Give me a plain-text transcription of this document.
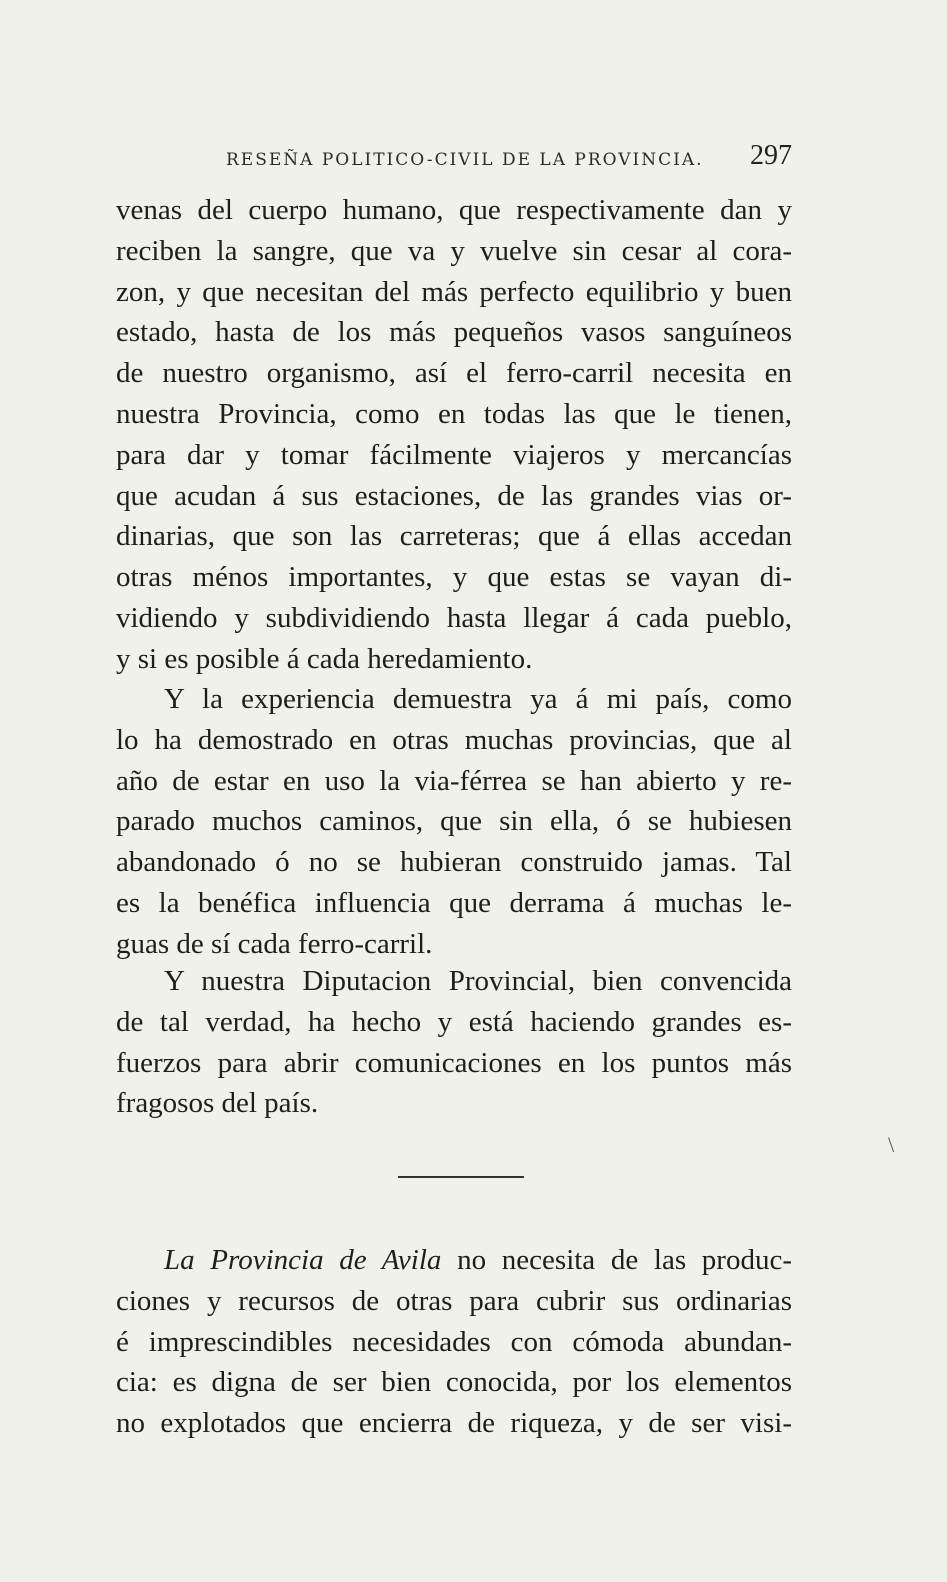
RESEÑA POLITICO-CIVIL DE LA PROVINCIA. 297
venas del cuerpo humano, que respectivamente dan y
reciben la sangre, que va y vuelve sin cesar al cora-
zon, y que necesitan del más perfecto equilibrio y buen
estado, hasta de los más pequeños vasos sanguíneos
de nuestro organismo, así el ferro-carril necesita en
nuestra Provincia, como en todas las que le tienen,
para dar y tomar fácilmente viajeros y mercancías
que acudan á sus estaciones, de las grandes vias or-
dinarias, que son las carreteras; que á ellas accedan
otras ménos importantes, y que estas se vayan di-
vidiendo y subdividiendo hasta llegar á cada pueblo,
y si es posible á cada heredamiento.
Y la experiencia demuestra ya á mi país, como
lo ha demostrado en otras muchas provincias, que al
año de estar en uso la via-férrea se han abierto y re-
parado muchos caminos, que sin ella, ó se hubiesen
abandonado ó no se hubieran construido jamas. Tal
es la benéfica influencia que derrama á muchas le-
guas de sí cada ferro-carril.
Y nuestra Diputacion Provincial, bien convencida
de tal verdad, ha hecho y está haciendo grandes es-
fuerzos para abrir comunicaciones en los puntos más
fragosos del país.
La Provincia de Avila no necesita de las produc-
ciones y recursos de otras para cubrir sus ordinarias
é imprescindibles necesidades con cómoda abundan-
cia: es digna de ser bien conocida, por los elementos
no explotados que encierra de riqueza, y de ser visi-
\
